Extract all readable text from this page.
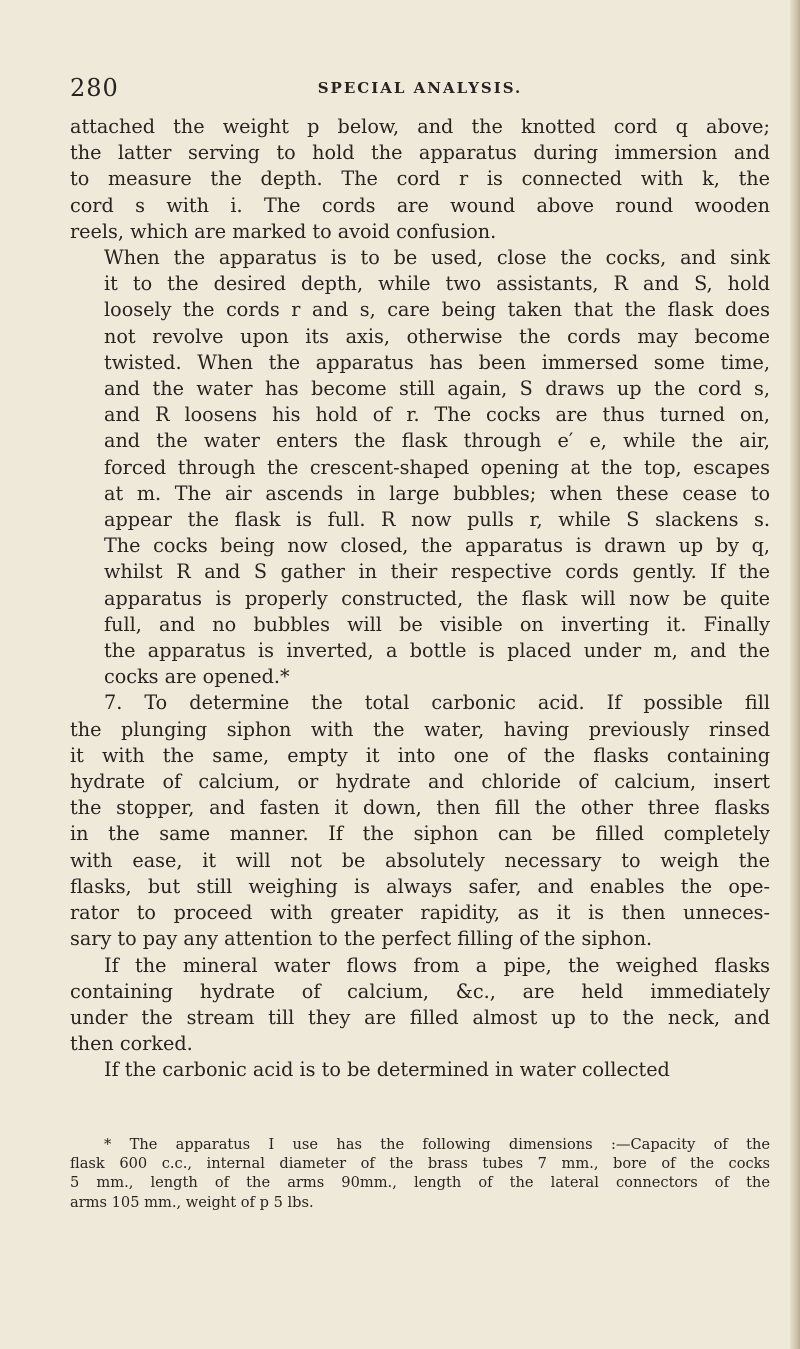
280	SPECIAL ANALYSIS.

attached the weight p below, and the knotted cord q above;
the latter serving to hold the apparatus during immersion and
to measure the depth. The cord r is connected with k, the
cord s with i. The cords are wound above round wooden
reels, which are marked to avoid confusion.

When the apparatus is to be used, close the cocks, and sink
it to the desired depth, while two assistants, R and S, hold
loosely the cords r and s, care being taken that the flask does
not revolve upon its axis, otherwise the cords may become
twisted. When the apparatus has been immersed some time,
and the water has become still again, S draws up the cord s,
and R loosens his hold of r. The cocks are thus turned on,
and the water enters the flask through e′ e, while the air,
forced through the crescent-shaped opening at the top, escapes
at m. The air ascends in large bubbles; when these cease to
appear the flask is full. R now pulls r, while S slackens s.
The cocks being now closed, the apparatus is drawn up by q,
whilst R and S gather in their respective cords gently. If the
apparatus is properly constructed, the flask will now be quite
full, and no bubbles will be visible on inverting it. Finally
the apparatus is inverted, a bottle is placed under m, and the
cocks are opened.*

7. To determine the total carbonic acid. If possible fill
the plunging siphon with the water, having previously rinsed
it with the same, empty it into one of the flasks containing
hydrate of calcium, or hydrate and chloride of calcium, insert
the stopper, and fasten it down, then fill the other three flasks
in the same manner. If the siphon can be filled completely
with ease, it will not be absolutely necessary to weigh the
flasks, but still weighing is always safer, and enables the ope-
rator to proceed with greater rapidity, as it is then unneces-
sary to pay any attention to the perfect filling of the siphon.

If the mineral water flows from a pipe, the weighed flasks
containing hydrate of calcium, &c., are held immediately
under the stream till they are filled almost up to the neck, and
then corked.

If the carbonic acid is to be determined in water collected

* The apparatus I use has the following dimensions :—Capacity of the
flask 600 c.c., internal diameter of the brass tubes 7 mm., bore of the cocks
5 mm., length of the arms 90mm., length of the lateral connectors of the
arms 105 mm., weight of p 5 lbs.
